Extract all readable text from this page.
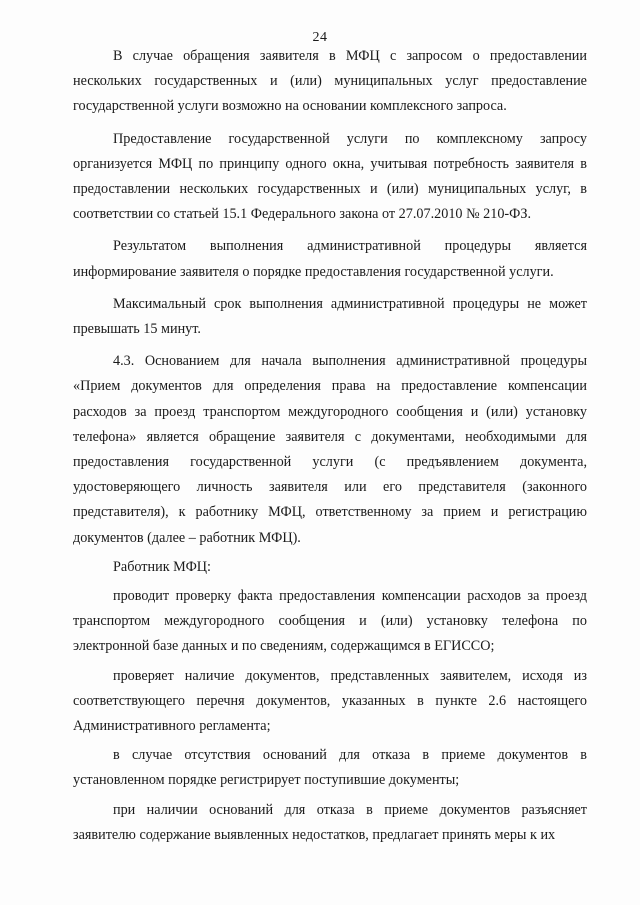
24

В случае обращения заявителя в МФЦ с запросом о предоставлении нескольких государственных и (или) муниципальных услуг предоставление государственной услуги возможно на основании комплексного запроса.

Предоставление государственной услуги по комплексному запросу организуется МФЦ по принципу одного окна, учитывая потребность заявителя в предоставлении нескольких государственных и (или) муниципальных услуг, в соответствии со статьей 15.1 Федерального закона от 27.07.2010 № 210-ФЗ.

Результатом выполнения административной процедуры является информирование заявителя о порядке предоставления государственной услуги.

Максимальный срок выполнения административной процедуры не может превышать 15 минут.

4.3. Основанием для начала выполнения административной процедуры «Прием документов для определения права на предоставление компенсации расходов за проезд транспортом междугородного сообщения и (или) установку телефона» является обращение заявителя с документами, необходимыми для предоставления государственной услуги (с предъявлением документа, удостоверяющего личность заявителя или его представителя (законного представителя), к работнику МФЦ, ответственному за прием и регистрацию документов (далее – работник МФЦ).

Работник МФЦ:

проводит проверку факта предоставления компенсации расходов за проезд транспортом междугородного сообщения и (или) установку телефона по электронной базе данных и по сведениям, содержащимся в ЕГИССО;

проверяет наличие документов, представленных заявителем, исходя из соответствующего перечня документов, указанных в пункте 2.6 настоящего Административного регламента;

в случае отсутствия оснований для отказа в приеме документов в установленном порядке регистрирует поступившие документы;

при наличии оснований для отказа в приеме документов разъясняет заявителю содержание выявленных недостатков, предлагает принять меры к их
